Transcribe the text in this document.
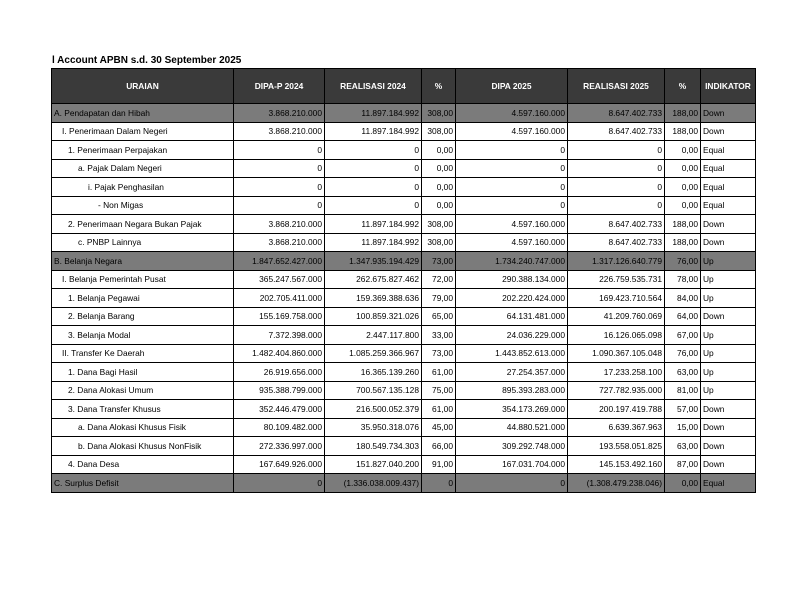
l Account APBN s.d. 30 September 2025
URAIAN	DIPA-P 2024	REALISASI 2024	%	DIPA 2025	REALISASI 2025	%	INDIKATOR
A. Pendapatan dan Hibah	3.868.210.000	11.897.184.992	308,00	4.597.160.000	8.647.402.733	188,00	Down
I. Penerimaan Dalam Negeri	3.868.210.000	11.897.184.992	308,00	4.597.160.000	8.647.402.733	188,00	Down
1. Penerimaan Perpajakan	0	0	0,00	0	0	0,00	Equal
a. Pajak Dalam Negeri	0	0	0,00	0	0	0,00	Equal
i. Pajak Penghasilan	0	0	0,00	0	0	0,00	Equal
- Non Migas	0	0	0,00	0	0	0,00	Equal
2. Penerimaan Negara Bukan Pajak	3.868.210.000	11.897.184.992	308,00	4.597.160.000	8.647.402.733	188,00	Down
c. PNBP Lainnya	3.868.210.000	11.897.184.992	308,00	4.597.160.000	8.647.402.733	188,00	Down
B. Belanja Negara	1.847.652.427.000	1.347.935.194.429	73,00	1.734.240.747.000	1.317.126.640.779	76,00	Up
I. Belanja Pemerintah Pusat	365.247.567.000	262.675.827.462	72,00	290.388.134.000	226.759.535.731	78,00	Up
1. Belanja Pegawai	202.705.411.000	159.369.388.636	79,00	202.220.424.000	169.423.710.564	84,00	Up
2. Belanja Barang	155.169.758.000	100.859.321.026	65,00	64.131.481.000	41.209.760.069	64,00	Down
3. Belanja Modal	7.372.398.000	2.447.117.800	33,00	24.036.229.000	16.126.065.098	67,00	Up
II. Transfer Ke Daerah	1.482.404.860.000	1.085.259.366.967	73,00	1.443.852.613.000	1.090.367.105.048	76,00	Up
1. Dana Bagi Hasil	26.919.656.000	16.365.139.260	61,00	27.254.357.000	17.233.258.100	63,00	Up
2. Dana Alokasi Umum	935.388.799.000	700.567.135.128	75,00	895.393.283.000	727.782.935.000	81,00	Up
3. Dana Transfer Khusus	352.446.479.000	216.500.052.379	61,00	354.173.269.000	200.197.419.788	57,00	Down
a. Dana Alokasi Khusus Fisik	80.109.482.000	35.950.318.076	45,00	44.880.521.000	6.639.367.963	15,00	Down
b. Dana Alokasi Khusus NonFisik	272.336.997.000	180.549.734.303	66,00	309.292.748.000	193.558.051.825	63,00	Down
4. Dana Desa	167.649.926.000	151.827.040.200	91,00	167.031.704.000	145.153.492.160	87,00	Down
C. Surplus Defisit	0	(1.336.038.009.437)	0	0	(1.308.479.238.046)	0,00	Equal
